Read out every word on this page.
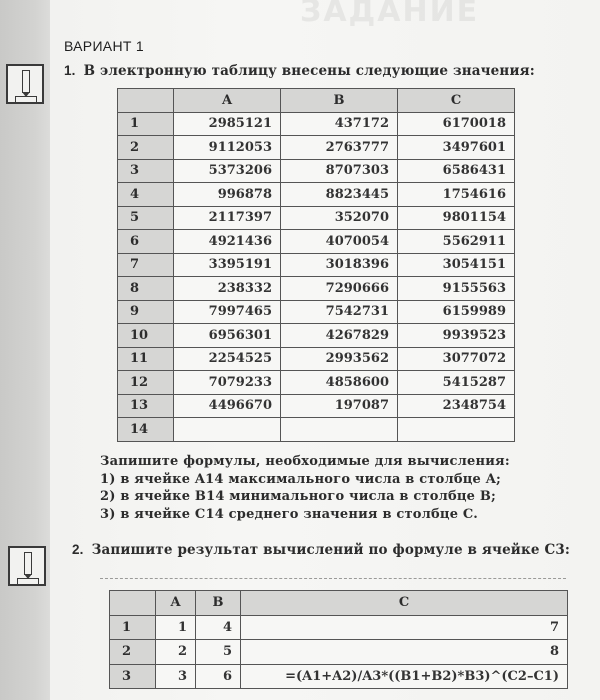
ЗАДАНИЕ
ВАРИАНТ 1
1. В электронную таблицу внесены следующие значения:
	A	B	C
1	2985121	437172	6170018
2	9112053	2763777	3497601
3	5373206	8707303	6586431
4	996878	8823445	1754616
5	2117397	352070	9801154
6	4921436	4070054	5562911
7	3395191	3018396	3054151
8	238332	7290666	9155563
9	7997465	7542731	6159989
10	6956301	4267829	9939523
11	2254525	2993562	3077072
12	7079233	4858600	5415287
13	4496670	197087	2348754
14			
Запишите формулы, необходимые для вычисления:
1) в ячейке A14 максимального числа в столбце A;
2) в ячейке B14 минимального числа в столбце B;
3) в ячейке C14 среднего значения в столбце C.
2. Запишите результат вычислений по формуле в ячейке C3:
	A	B	C
1	1	4	7
2	2	5	8
3	3	6	=(A1+A2)/A3*((B1+B2)*B3)^(C2–C1)
